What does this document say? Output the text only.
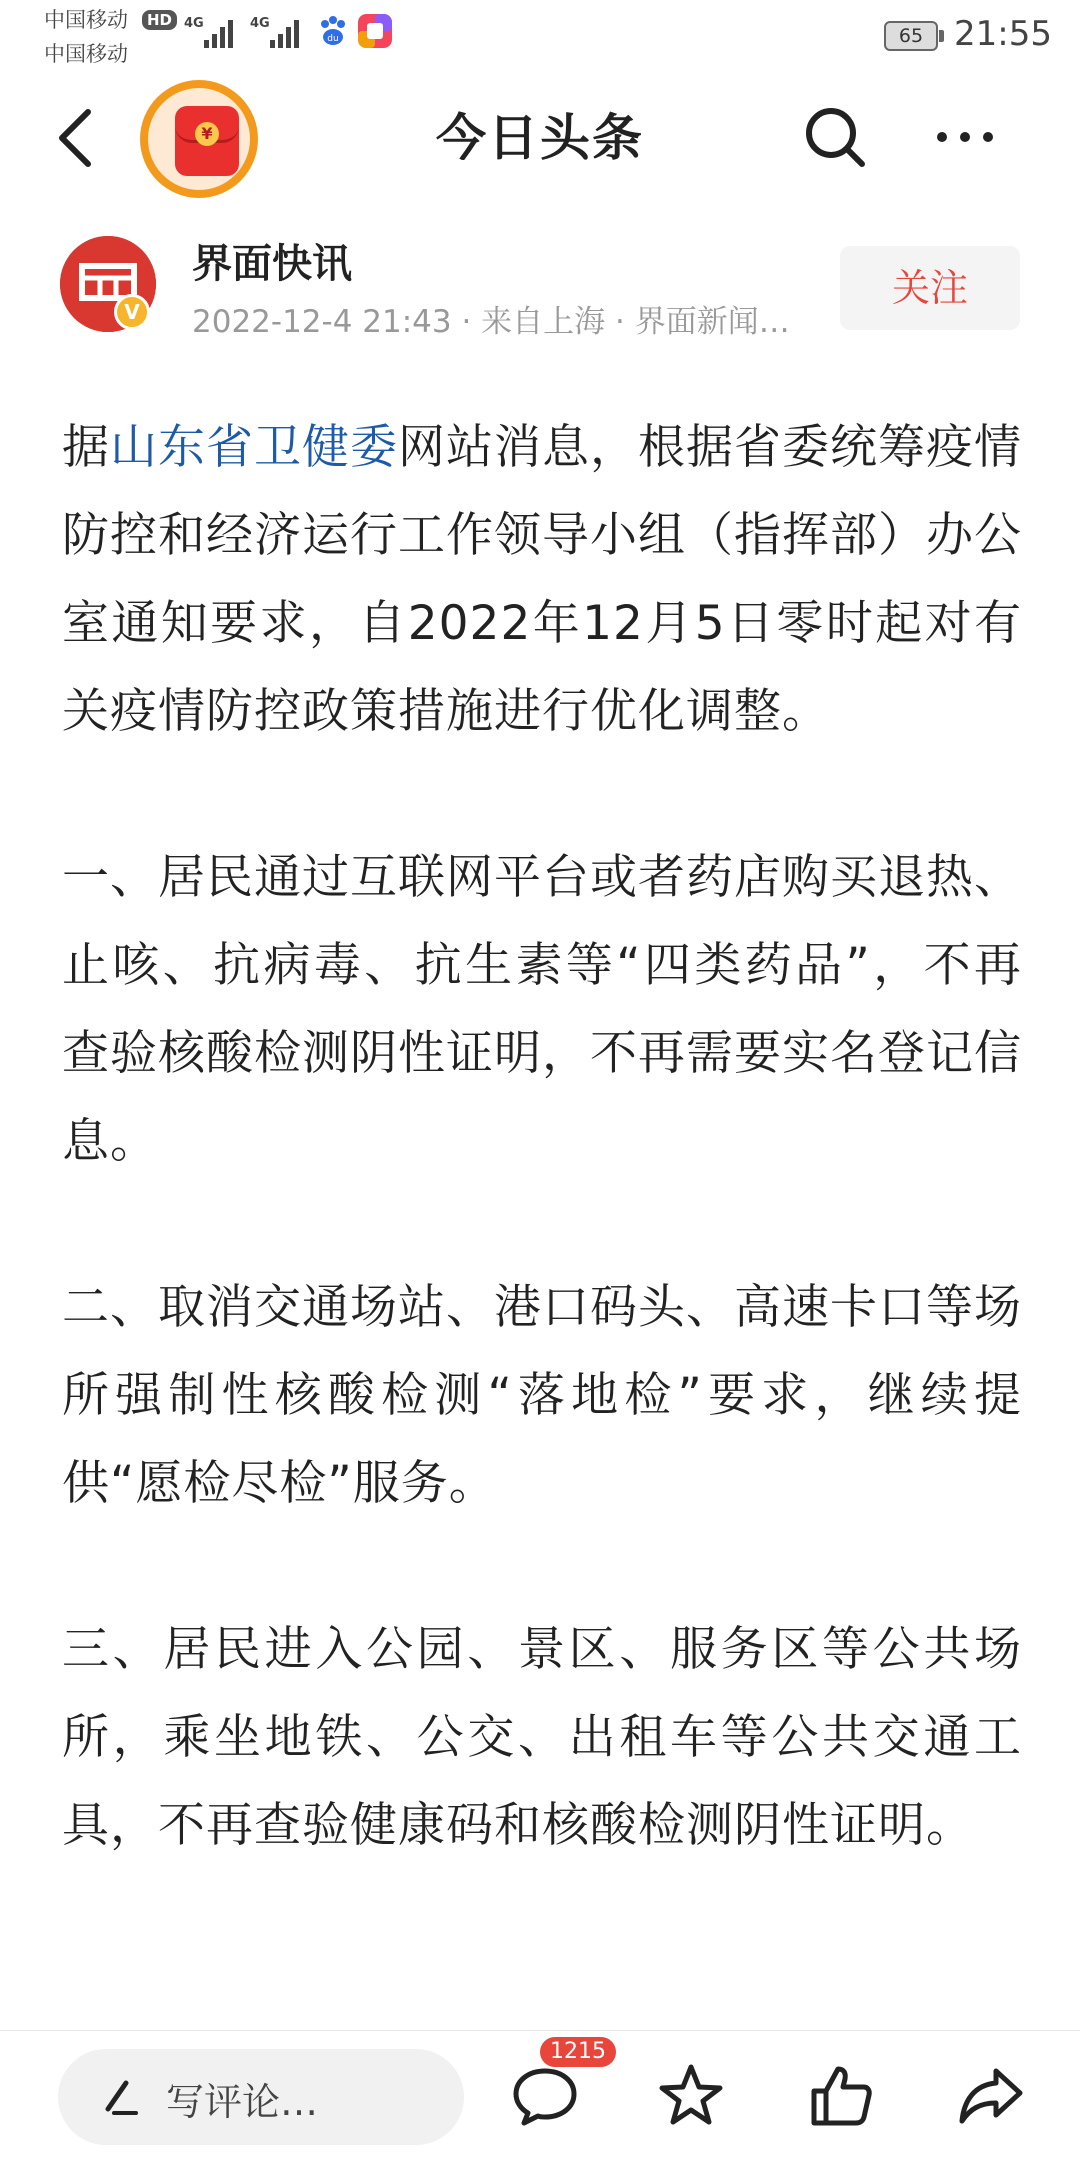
中国移动
中国移动
HD 4G	4G
du	65 21:55
¥	今日头条
V
界面快讯
2022-12-4 21:43 · 来自上海 · 界面新闻…
关注

据山东省卫健委网站消息，根据省委统筹疫情防控和经济运行工作领导小组（指挥部）办公室通知要求，自2022年12月5日零时起对有关疫情防控政策措施进行优化调整。

一、居民通过互联网平台或者药店购买退热、止咳、抗病毒、抗生素等“四类药品”，不再查验核酸检测阴性证明，不再需要实名登记信息。

二、取消交通场站、港口码头、高速卡口等场所强制性核酸检测“落地检”要求，继续提供“愿检尽检”服务。

三、居民进入公园、景区、服务区等公共场所，乘坐地铁、公交、出租车等公共交通工具，不再查验健康码和核酸检测阴性证明。

写评论…
1215
